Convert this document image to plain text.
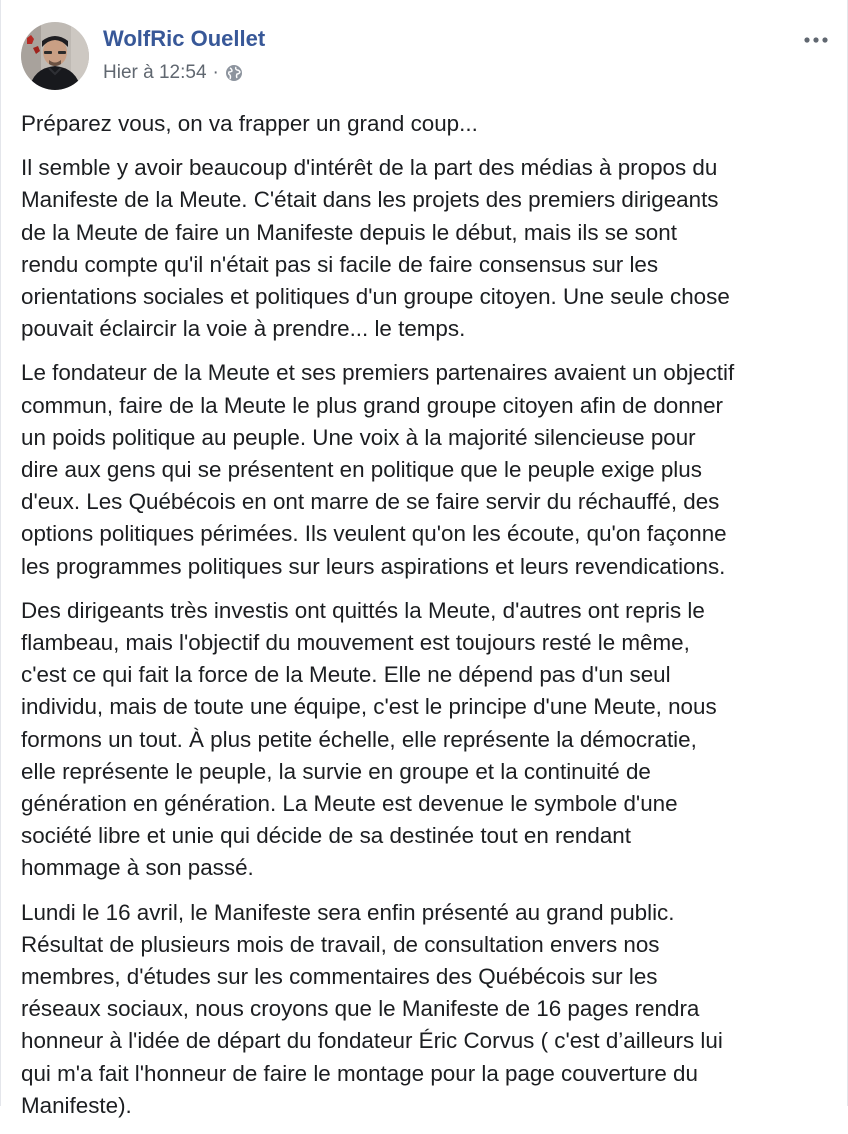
WolfRic Ouellet
Hier à 12:54 ·

Préparez vous, on va frapper un grand coup...

Il semble y avoir beaucoup d'intérêt de la part des médias à propos du
Manifeste de la Meute. C'était dans les projets des premiers dirigeants
de la Meute de faire un Manifeste depuis le début, mais ils se sont
rendu compte qu'il n'était pas si facile de faire consensus sur les
orientations sociales et politiques d'un groupe citoyen. Une seule chose
pouvait éclaircir la voie à prendre... le temps.

Le fondateur de la Meute et ses premiers partenaires avaient un objectif
commun, faire de la Meute le plus grand groupe citoyen afin de donner
un poids politique au peuple. Une voix à la majorité silencieuse pour
dire aux gens qui se présentent en politique que le peuple exige plus
d'eux. Les Québécois en ont marre de se faire servir du réchauffé, des
options politiques périmées. Ils veulent qu'on les écoute, qu'on façonne
les programmes politiques sur leurs aspirations et leurs revendications.

Des dirigeants très investis ont quittés la Meute, d'autres ont repris le
flambeau, mais l'objectif du mouvement est toujours resté le même,
c'est ce qui fait la force de la Meute. Elle ne dépend pas d'un seul
individu, mais de toute une équipe, c'est le principe d'une Meute, nous
formons un tout. À plus petite échelle, elle représente la démocratie,
elle représente le peuple, la survie en groupe et la continuité de
génération en génération. La Meute est devenue le symbole d'une
société libre et unie qui décide de sa destinée tout en rendant
hommage à son passé.

Lundi le 16 avril, le Manifeste sera enfin présenté au grand public.
Résultat de plusieurs mois de travail, de consultation envers nos
membres, d'études sur les commentaires des Québécois sur les
réseaux sociaux, nous croyons que le Manifeste de 16 pages rendra
honneur à l'idée de départ du fondateur Éric Corvus ( c'est d’ailleurs lui
qui m'a fait l'honneur de faire le montage pour la page couverture du
Manifeste).
